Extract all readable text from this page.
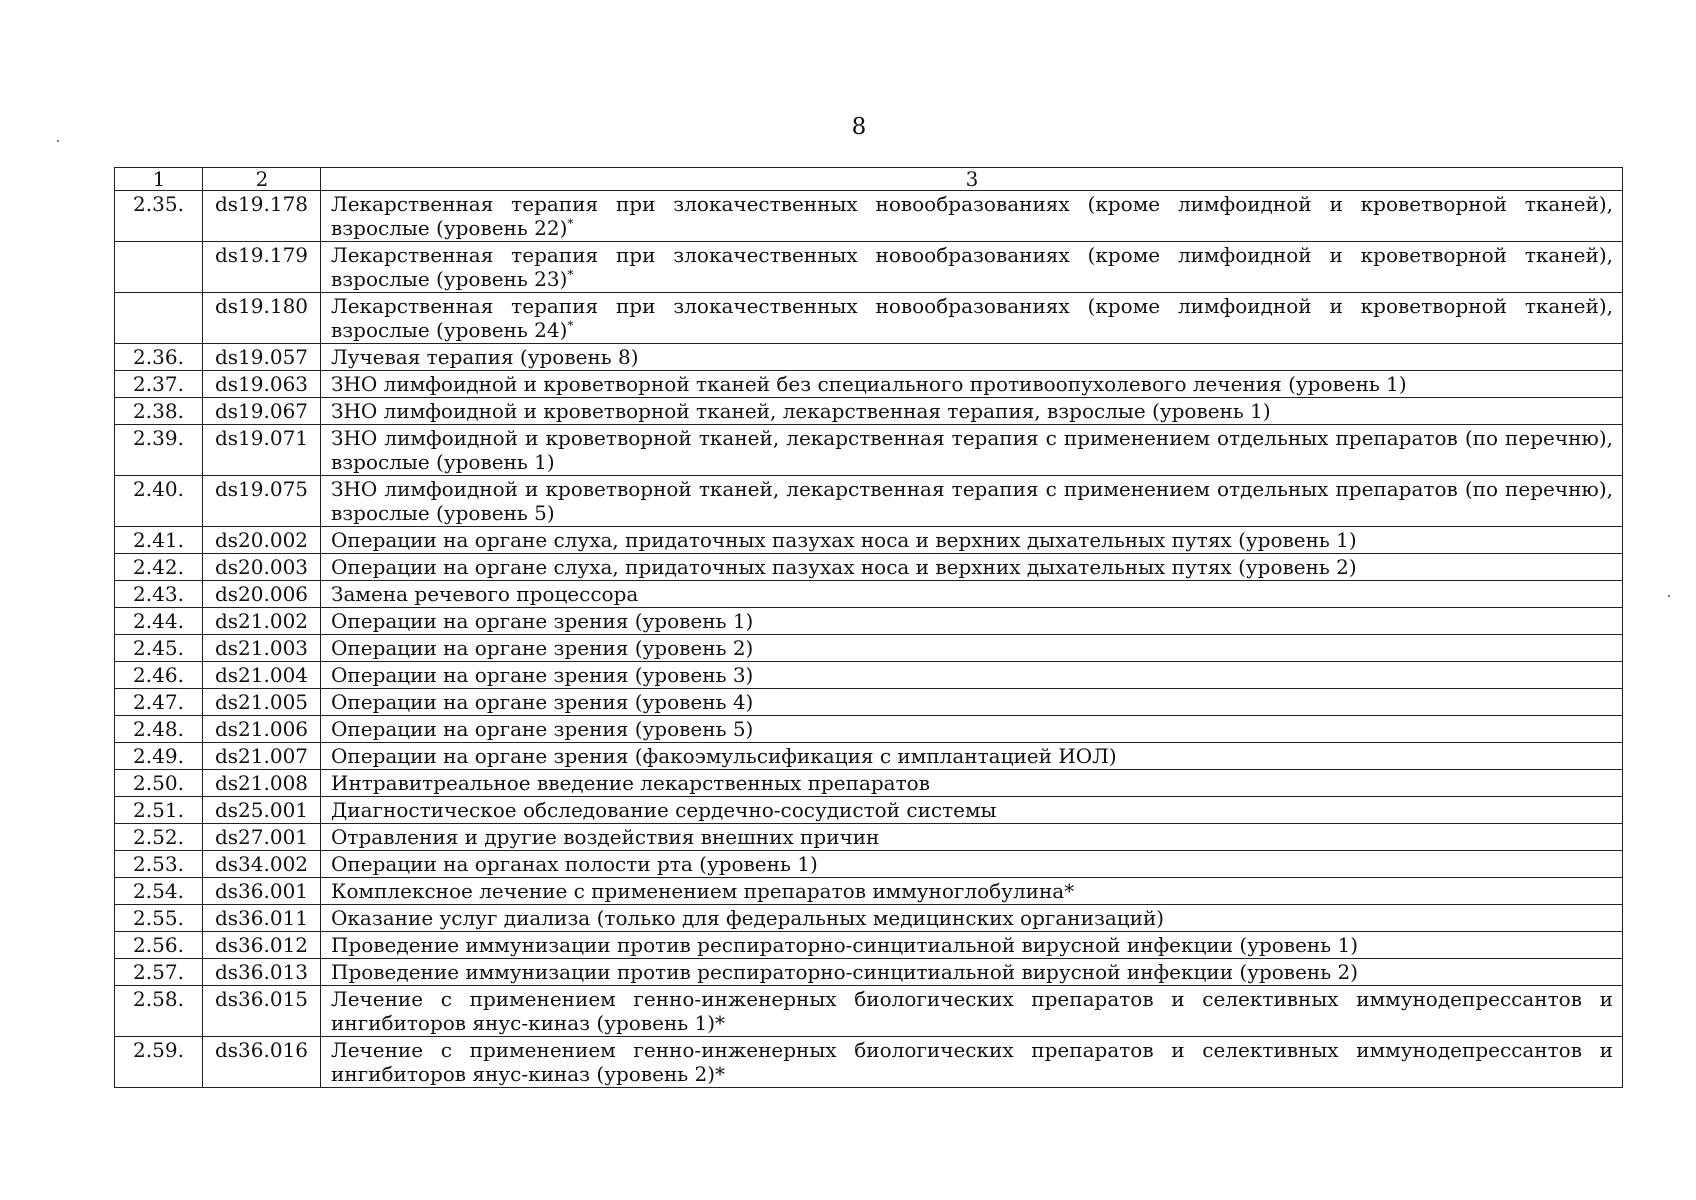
8
1	2	3
2.35.	ds19.178	Лекарственная терапия при злокачественных новообразованиях (кроме лимфоидной и кроветворной тканей), взрослые (уровень 22)*
	ds19.179	Лекарственная терапия при злокачественных новообразованиях (кроме лимфоидной и кроветворной тканей), взрослые (уровень 23)*
	ds19.180	Лекарственная терапия при злокачественных новообразованиях (кроме лимфоидной и кроветворной тканей), взрослые (уровень 24)*
2.36.	ds19.057	Лучевая терапия (уровень 8)
2.37.	ds19.063	ЗНО лимфоидной и кроветворной тканей без специального противоопухолевого лечения (уровень 1)
2.38.	ds19.067	ЗНО лимфоидной и кроветворной тканей, лекарственная терапия, взрослые (уровень 1)
2.39.	ds19.071	ЗНО лимфоидной и кроветворной тканей, лекарственная терапия с применением отдельных препаратов (по перечню), взрослые (уровень 1)
2.40.	ds19.075	ЗНО лимфоидной и кроветворной тканей, лекарственная терапия с применением отдельных препаратов (по перечню), взрослые (уровень 5)
2.41.	ds20.002	Операции на органе слуха, придаточных пазухах носа и верхних дыхательных путях (уровень 1)
2.42.	ds20.003	Операции на органе слуха, придаточных пазухах носа и верхних дыхательных путях (уровень 2)
2.43.	ds20.006	Замена речевого процессора
2.44.	ds21.002	Операции на органе зрения (уровень 1)
2.45.	ds21.003	Операции на органе зрения (уровень 2)
2.46.	ds21.004	Операции на органе зрения (уровень 3)
2.47.	ds21.005	Операции на органе зрения (уровень 4)
2.48.	ds21.006	Операции на органе зрения (уровень 5)
2.49.	ds21.007	Операции на органе зрения (факоэмульсификация с имплантацией ИОЛ)
2.50.	ds21.008	Интравитреальное введение лекарственных препаратов
2.51.	ds25.001	Диагностическое обследование сердечно-сосудистой системы
2.52.	ds27.001	Отравления и другие воздействия внешних причин
2.53.	ds34.002	Операции на органах полости рта (уровень 1)
2.54.	ds36.001	Комплексное лечение с применением препаратов иммуноглобулина*
2.55.	ds36.011	Оказание услуг диализа (только для федеральных медицинских организаций)
2.56.	ds36.012	Проведение иммунизации против респираторно-синцитиальной вирусной инфекции (уровень 1)
2.57.	ds36.013	Проведение иммунизации против респираторно-синцитиальной вирусной инфекции (уровень 2)
2.58.	ds36.015	Лечение с применением генно-инженерных биологических препаратов и селективных иммунодепрессантов и ингибиторов янус-киназ (уровень 1)*
2.59.	ds36.016	Лечение с применением генно-инженерных биологических препаратов и селективных иммунодепрессантов и ингибиторов янус-киназ (уровень 2)*
